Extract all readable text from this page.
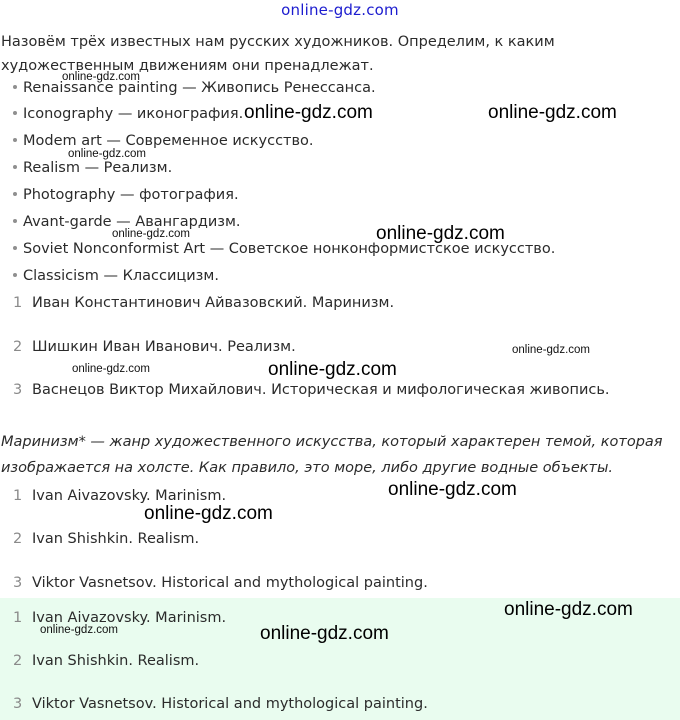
online-gdz.com

Назовём трёх известных нам русских художников. Определим, к каким художественным движениям они пренадлежат.

Renaissance painting — Живопись Ренессанса.
Iconography — иконография.
Modem art — Современное искусство.
Realism — Реализм.
Photography — фотография.
Avant-garde — Авангардизм.
Soviet Nonconformist Art — Советское нонконформистское искусство.
Classicism — Классицизм.
1 Иван Константинович Айвазовский. Маринизм.
2 Шишкин Иван Иванович. Реализм.
3 Васнецов Виктор Михайлович. Историческая и мифологическая живопись.

Маринизм* — жанр художественного искусства, который характерен темой, которая изображается на холсте. Как правило, это море, либо другие водные объекты.

1 Ivan Aivazovsky. Marinism.
2 Ivan Shishkin. Realism.
3 Viktor Vasnetsov. Historical and mythological painting.
1 Ivan Aivazovsky. Marinism.
2 Ivan Shishkin. Realism.
3 Viktor Vasnetsov. Historical and mythological painting.
online-gdz.com
online-gdz.com
online-gdz.com
online-gdz.com
online-gdz.com
online-gdz.com
online-gdz.com	online-gdz.com
online-gdz.com
online-gdz.com
online-gdz.com
online-gdz.com
online-gdz.com
online-gdz.com
